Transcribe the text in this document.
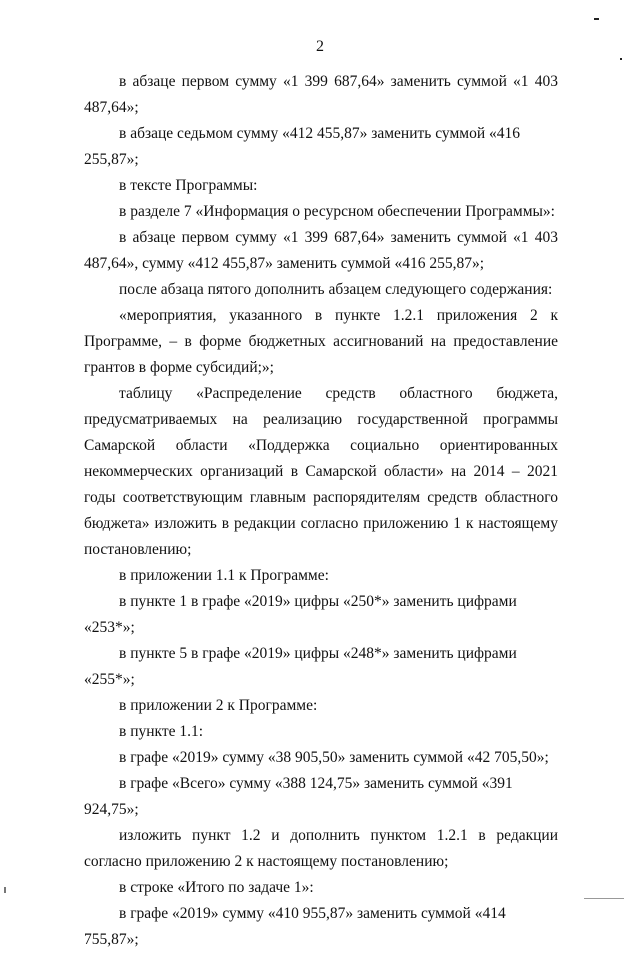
2

в абзаце первом сумму «1 399 687,64» заменить суммой «1 403 487,64»;

в абзаце седьмом сумму «412 455,87» заменить суммой «416 255,87»;

в тексте Программы:

в разделе 7 «Информация о ресурсном обеспечении Программы»:

в абзаце первом сумму «1 399 687,64» заменить суммой «1 403 487,64», сумму «412 455,87» заменить суммой «416 255,87»;

после абзаца пятого дополнить абзацем следующего содержания:

«мероприятия, указанного в пункте 1.2.1 приложения 2 к Программе, – в форме бюджетных ассигнований на предоставление грантов в форме субсидий;»;

таблицу «Распределение средств областного бюджета, предусматриваемых на реализацию государственной программы Самарской области «Поддержка социально ориентированных некоммерческих организаций в Самарской области» на 2014 – 2021 годы соответствующим главным распорядителям средств областного бюджета» изложить в редакции согласно приложению 1 к настоящему постановлению;

в приложении 1.1 к Программе:

в пункте 1 в графе «2019» цифры «250*» заменить цифрами «253*»;

в пункте 5 в графе «2019» цифры «248*» заменить цифрами «255*»;

в приложении 2 к Программе:

в пункте 1.1:

в графе «2019» сумму «38 905,50» заменить суммой «42 705,50»;

в графе «Всего» сумму «388 124,75» заменить суммой «391 924,75»;

изложить пункт 1.2 и дополнить пунктом 1.2.1 в редакции согласно приложению 2 к настоящему постановлению;

в строке «Итого по задаче 1»:

в графе «2019» сумму «410 955,87» заменить суммой «414 755,87»;
